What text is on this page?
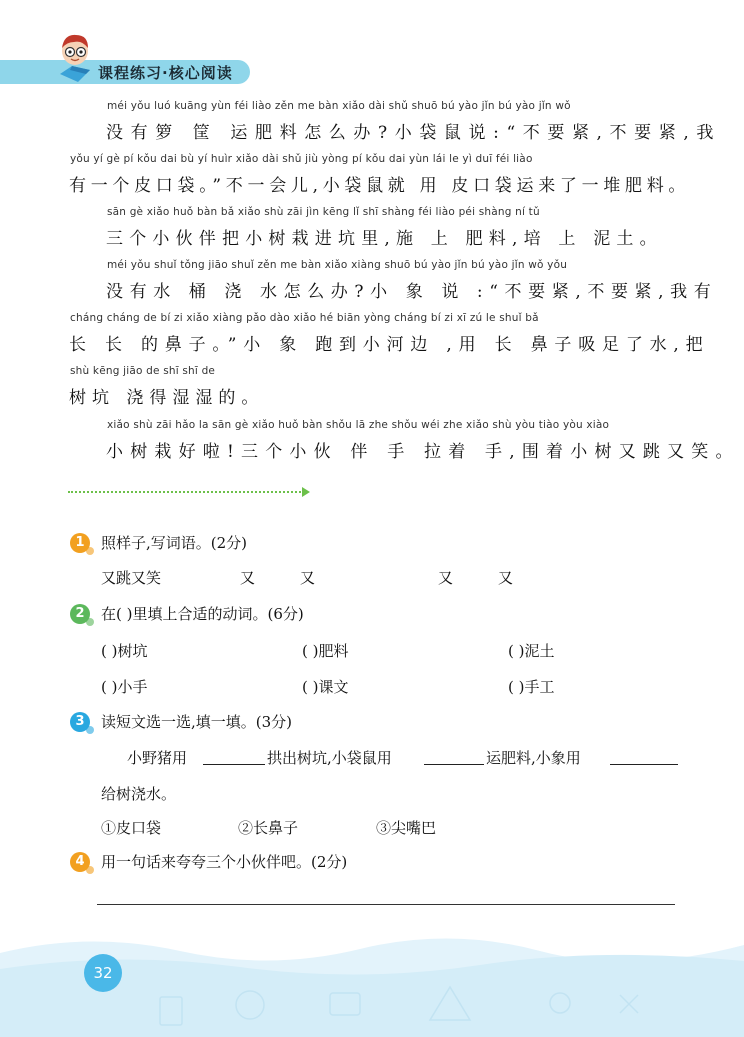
课程练习·核心阅读
méi yǒu luó kuāng yùn féi liào zěn me bàn xiǎo dài shǔ shuō bú yào jǐn bú yào jǐn wǒ
没有箩 筐 运肥料怎么办?小袋鼠说:“不要紧,不要紧,我
yǒu yí gè pí kǒu dai bù yí huìr xiǎo dài shǔ jiù yòng pí kǒu dai yùn lái le yì duī féi liào
有一个皮口袋。”不一会儿,小袋鼠就 用 皮口袋运来了一堆肥料。
sān gè xiǎo huǒ bàn bǎ xiǎo shù zāi jìn kēng lǐ shī shàng féi liào péi shàng ní tǔ
三个小伙伴把小树栽进坑里,施 上 肥料,培 上 泥土。
méi yǒu shuǐ tǒng jiāo shuǐ zěn me bàn xiǎo xiàng shuō bú yào jǐn bú yào jǐn wǒ yǒu
没有水 桶 浇 水怎么办?小 象 说 :“不要紧,不要紧,我有
cháng cháng de bí zi xiǎo xiàng pǎo dào xiǎo hé biān yòng cháng bí zi xī zú le shuǐ bǎ
长 长 的鼻子。”小 象 跑到小河边 ,用 长 鼻子吸足了水,把
shù kēng jiāo de shī shī de
树坑 浇得湿湿的。
xiǎo shù zāi hǎo la sān gè xiǎo huǒ bàn shǒu lā zhe shǒu wéi zhe xiǎo shù yòu tiào yòu xiào
小树栽好啦!三个小伙 伴 手 拉着 手,围着小树又跳又笑。
1	照样子,写词语。(2分)
又跳又笑	又	又	又	又
2	在( )里填上合适的动词。(6分)
( )树坑	( )肥料	( )泥土
( )小手	( )课文	( )手工
3	读短文选一选,填一填。(3分)
小野猪用	拱出树坑,小袋鼠用	运肥料,小象用
给树浇水。
①皮口袋	②长鼻子	③尖嘴巴
4	用一句话来夸夸三个小伙伴吧。(2分)
32
